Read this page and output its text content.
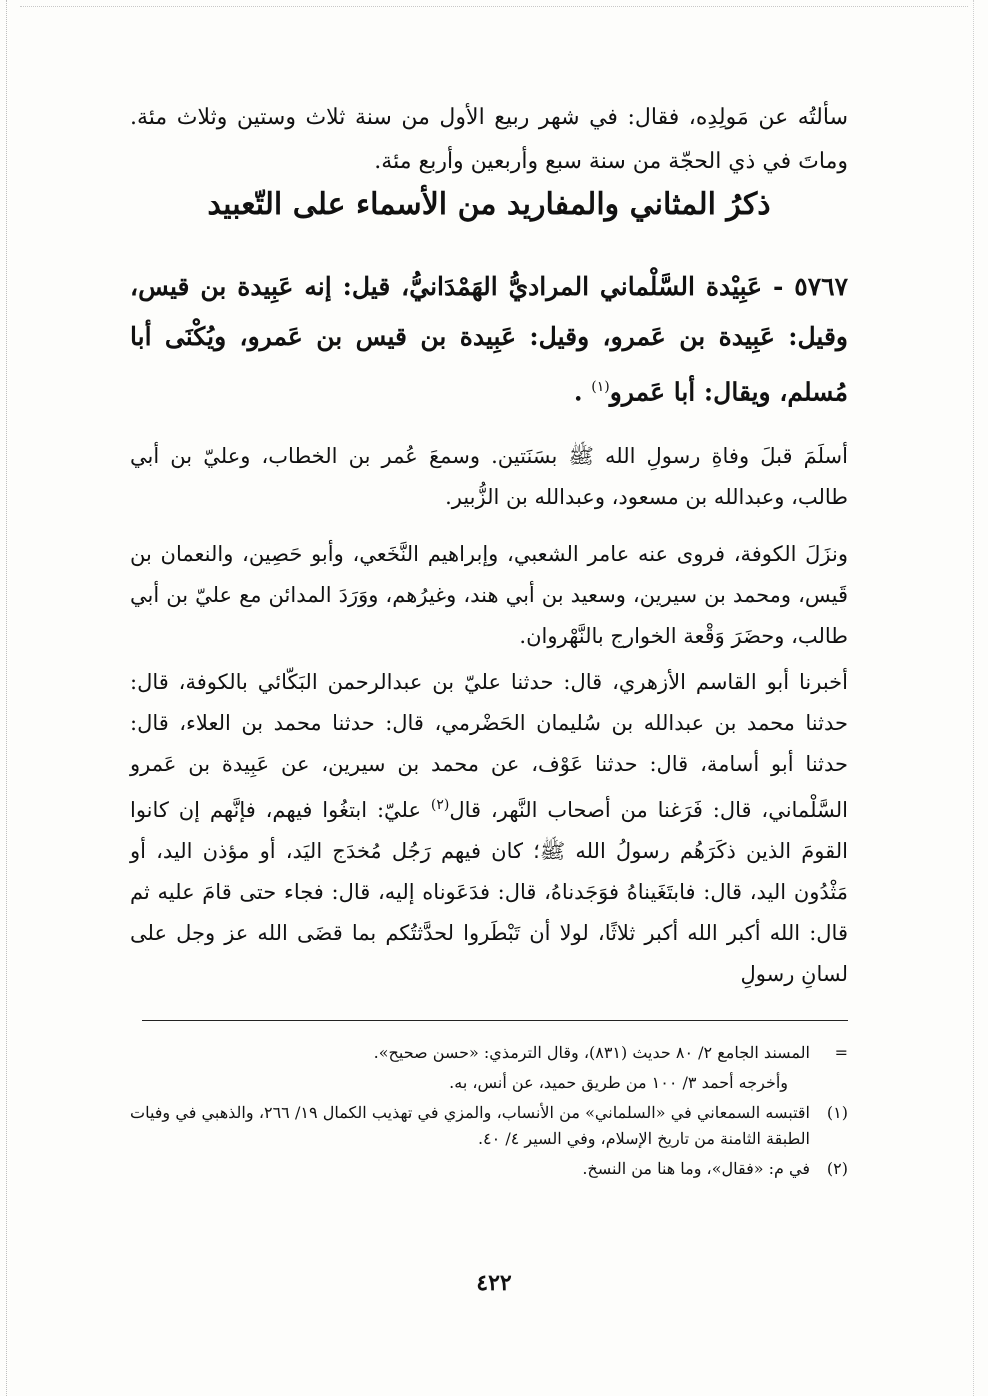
سألتُه عن مَولِدِه، فقال: في شهر ربيع الأول من سنة ثلاث وستين وثلاث مئة. وماتَ في ذي الحجّة من سنة سبع وأربعين وأربع مئة.
ذكرُ المثاني والمفاريد من الأسماء على التّعبيد
٥٧٦٧ - عَبِيْدة السَّلْماني المراديُّ الهَمْدَانيُّ، قيل: إنه عَبِيدة بن قيس، وقيل: عَبِيدة بن عَمرو، وقيل: عَبِيدة بن قيس بن عَمرو، ويُكْنَى أبا مُسلم، ويقال: أبا عَمرو$^{(١)}$ .
أسلَمَ قبلَ وفاةِ رسولِ الله ﷺ بسَنَتين. وسمعَ عُمر بن الخطاب، وعليّ بن أبي طالب، وعبدالله بن مسعود، وعبدالله بن الزُّبير.
ونزَلَ الكوفة، فروى عنه عامر الشعبي، وإبراهيم النَّخَعي، وأبو حَصِين، والنعمان بن قَيس، ومحمد بن سيرين، وسعيد بن أبي هند، وغيرُهم، ووَرَدَ المدائن مع عليّ بن أبي طالب، وحضَرَ وَقْعة الخوارج بالنَّهْروان.
أخبرنا أبو القاسم الأزهري، قال: حدثنا عليّ بن عبدالرحمن البَكّائي بالكوفة، قال: حدثنا محمد بن عبدالله بن سُليمان الحَضْرمي، قال: حدثنا محمد بن العلاء، قال: حدثنا أبو أسامة، قال: حدثنا عَوْف، عن محمد بن سيرين، عن عَبِيدة بن عَمرو السَّلْماني، قال: فَرَغنا من أصحاب النَّهر، قال$^{(٢)}$ عليّ: ابتغُوا فيهم، فإنَّهم إن كانوا القومَ الذين ذكَرَهُم رسولُ الله ﷺ؛ كان فيهم رَجُل مُخدَج اليَد، أو مؤذن اليد، أو مَثْدُون اليد، قال: فابتَغَيناهُ فوَجَدناهُ، قال: فدَعَوناه إليه، قال: فجاء حتى قامَ عليه ثم قال: الله أكبر الله أكبر ثلاثًا، لولا أن تَبْطَروا لحدَّثتُكم بما قضَى الله عز وجل على لسانِ رسولِ
=
المسند الجامع ٢/ ٨٠ حديث (٨٣١)، وقال الترمذي: «حسن صحيح».
وأخرجه أحمد ٣/ ١٠٠ من طريق حميد، عن أنس، به.
(١)
اقتبسه السمعاني في «السلماني» من الأنساب، والمزي في تهذيب الكمال ١٩/ ٢٦٦، والذهبي في وفيات الطبقة الثامنة من تاريخ الإسلام، وفي السير ٤/ ٤٠.
(٢)
في م: «فقال»، وما هنا من النسخ.
٤٢٢
